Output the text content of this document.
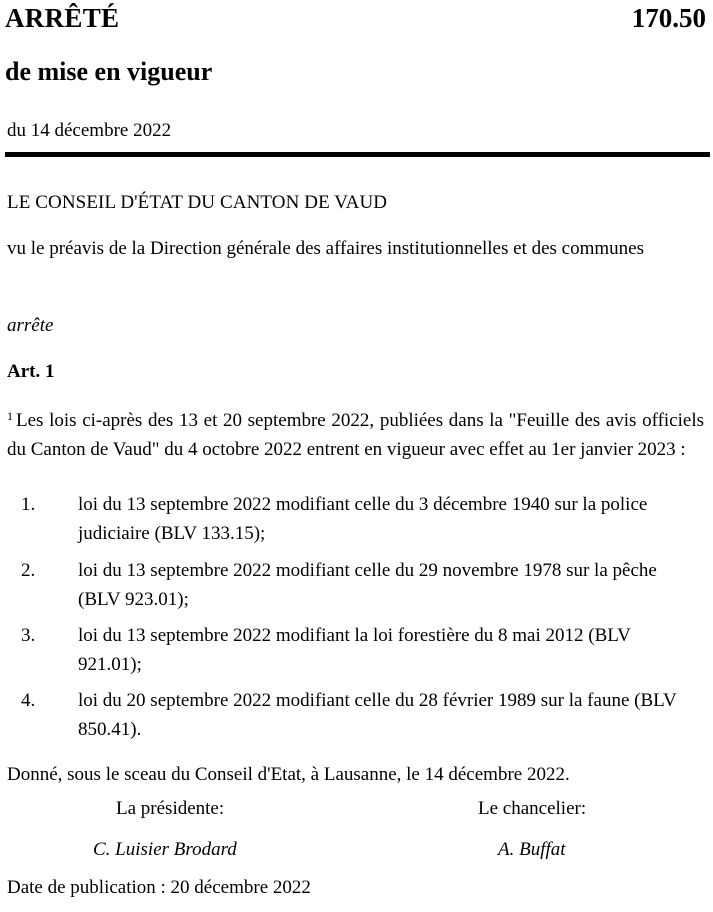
ARRÊTÉ	170.50
de mise en vigueur
du 14 décembre 2022
LE CONSEIL D'ÉTAT DU CANTON DE VAUD
vu le préavis de la Direction générale des affaires institutionnelles et des communes
arrête
Art. 1
$^1$ Les lois ci-après des 13 et 20 septembre 2022, publiées dans la "Feuille des avis officiels du Canton de Vaud" du 4 octobre 2022 entrent en vigueur avec effet au 1er janvier 2023 :
1. loi du 13 septembre 2022 modifiant celle du 3 décembre 1940 sur la police judiciaire (BLV 133.15);
2. loi du 13 septembre 2022 modifiant celle du 29 novembre 1978 sur la pêche (BLV 923.01);
3. loi du 13 septembre 2022 modifiant la loi forestière du 8 mai 2012 (BLV 921.01);
4. loi du 20 septembre 2022 modifiant celle du 28 février 1989 sur la faune (BLV 850.41).
Donné, sous le sceau du Conseil d'Etat, à Lausanne, le 14 décembre 2022.
La présidente:	Le chancelier:
C. Luisier Brodard	A. Buffat
Date de publication : 20 décembre 2022
